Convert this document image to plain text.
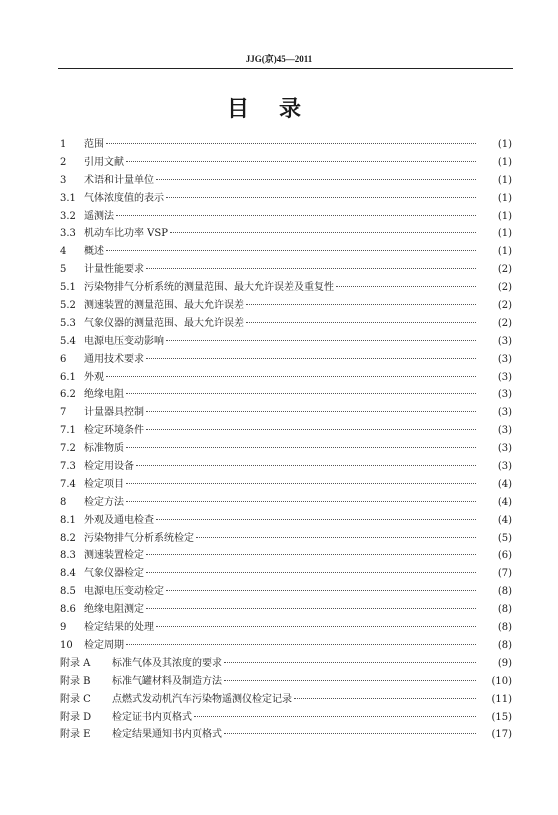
JJG(京)45—2011
目录
1	范围	(1)
2	引用文献	(1)
3	术语和计量单位	(1)
3.1 气体浓度值的表示	(1)
3.2 遥测法	(1)
3.3 机动车比功率 VSP	(1)
4	概述	(1)
5	计量性能要求	(2)
5.1 污染物排气分析系统的测量范围、最大允许误差及重复性	(2)
5.2 测速装置的测量范围、最大允许误差	(2)
5.3 气象仪器的测量范围、最大允许误差	(2)
5.4 电源电压变动影响	(3)
6	通用技术要求	(3)
6.1 外观	(3)
6.2 绝缘电阻	(3)
7	计量器具控制	(3)
7.1 检定环境条件	(3)
7.2 标准物质	(3)
7.3 检定用设备	(3)
7.4 检定项目	(4)
8	检定方法	(4)
8.1 外观及通电检查	(4)
8.2 污染物排气分析系统检定	(5)
8.3 测速装置检定	(6)
8.4 气象仪器检定	(7)
8.5 电源电压变动检定	(8)
8.6 绝缘电阻测定	(8)
9	检定结果的处理	(8)
10	检定周期	(8)
附录 A	标准气体及其浓度的要求	(9)
附录 B	标准气罐材料及制造方法	(10)
附录 C	点燃式发动机汽车污染物遥测仪检定记录	(11)
附录 D	检定证书内页格式	(15)
附录 E	检定结果通知书内页格式	(17)
